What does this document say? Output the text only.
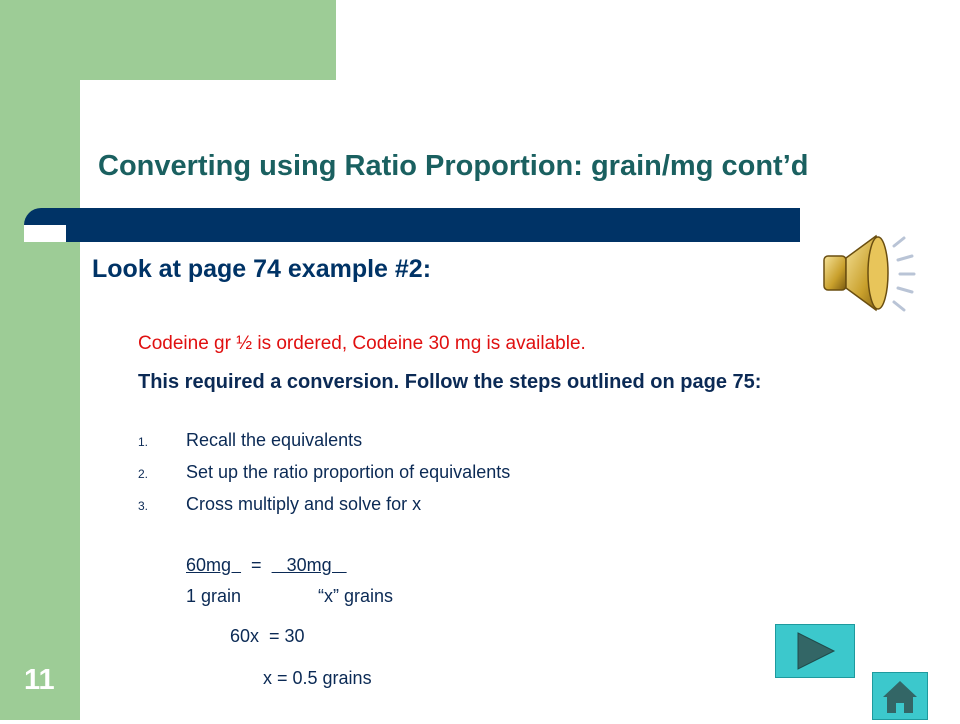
Converting using Ratio Proportion: grain/mg cont’d
Look at page 74 example #2:
Codeine gr ½ is ordered, Codeine 30 mg is available.
This required a conversion. Follow the steps outlined on page 75:
1. Recall the equivalents
2. Set up the ratio proportion of equivalents
3. Cross multiply and solve for x
60mg    =     30mg
1 grain	“x” grains
60x  = 30
x = 0.5 grains
11
